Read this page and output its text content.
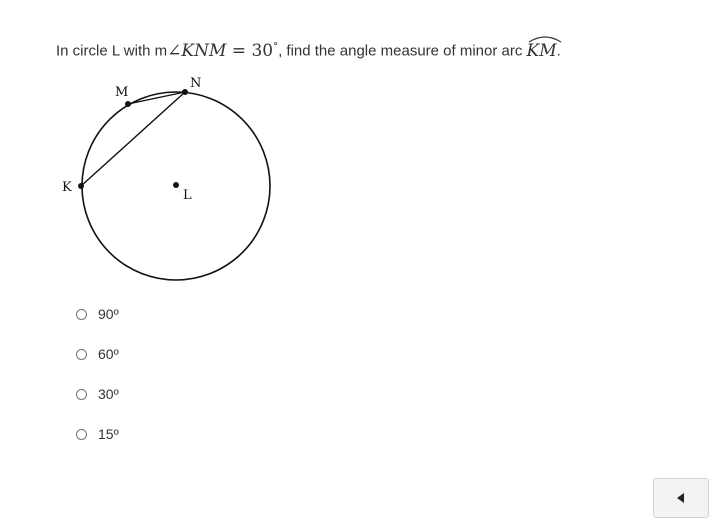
In circle L with m∠KNM = 30°, find the angle measure of minor arc
KM.
M
N
K
L
90º
60º
30º
15º
